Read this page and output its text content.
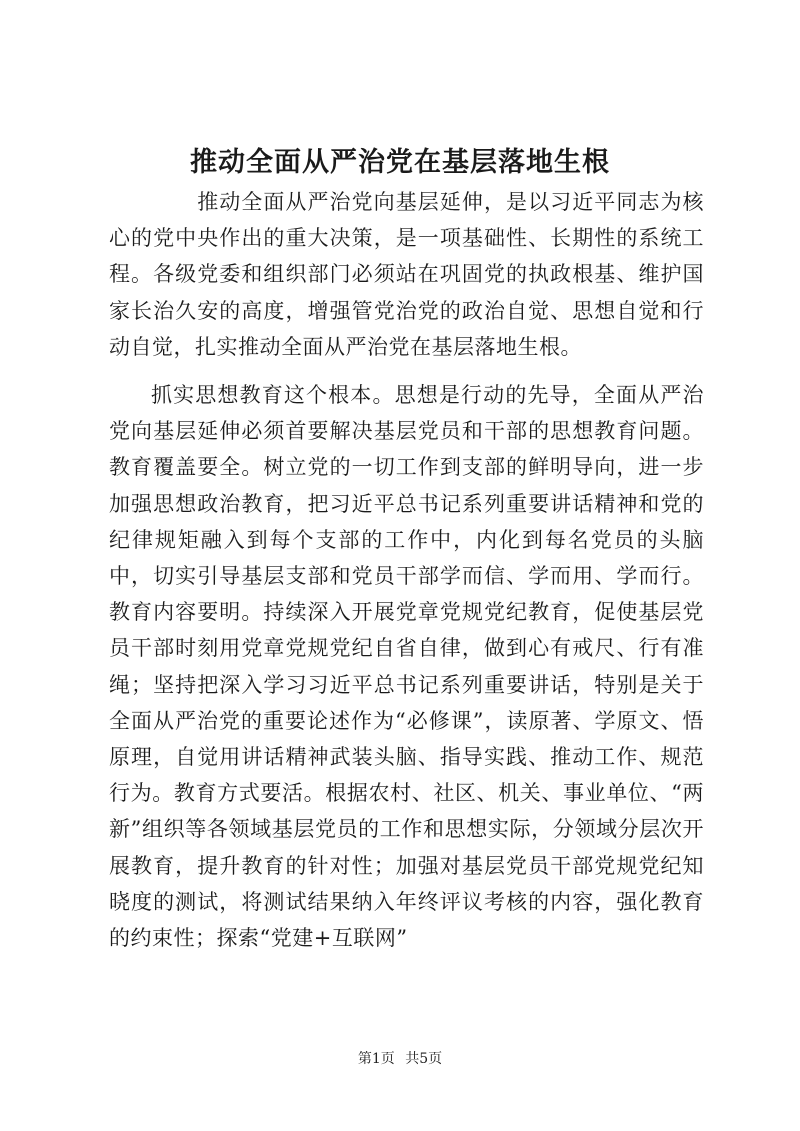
推动全面从严治党在基层落地生根

推动全面从严治党向基层延伸，是以习近平同志为核心的党中央作出的重大决策，是一项基础性、长期性的系统工程。各级党委和组织部门必须站在巩固党的执政根基、维护国家长治久安的高度，增强管党治党的政治自觉、思想自觉和行动自觉，扎实推动全面从严治党在基层落地生根。

抓实思想教育这个根本。思想是行动的先导，全面从严治党向基层延伸必须首要解决基层党员和干部的思想教育问题。教育覆盖要全。树立党的一切工作到支部的鲜明导向，进一步加强思想政治教育，把习近平总书记系列重要讲话精神和党的纪律规矩融入到每个支部的工作中，内化到每名党员的头脑中，切实引导基层支部和党员干部学而信、学而用、学而行。教育内容要明。持续深入开展党章党规党纪教育，促使基层党员干部时刻用党章党规党纪自省自律，做到心有戒尺、行有准绳；坚持把深入学习习近平总书记系列重要讲话，特别是关于全面从严治党的重要论述作为“必修课”，读原著、学原文、悟原理，自觉用讲话精神武装头脑、指导实践、推动工作、规范行为。教育方式要活。根据农村、社区、机关、事业单位、“两新”组织等各领域基层党员的工作和思想实际，分领域分层次开展教育，提升教育的针对性；加强对基层党员干部党规党纪知晓度的测试，将测试结果纳入年终评议考核的内容，强化教育的约束性；探索“党建+互联网”

第1页 共5页
